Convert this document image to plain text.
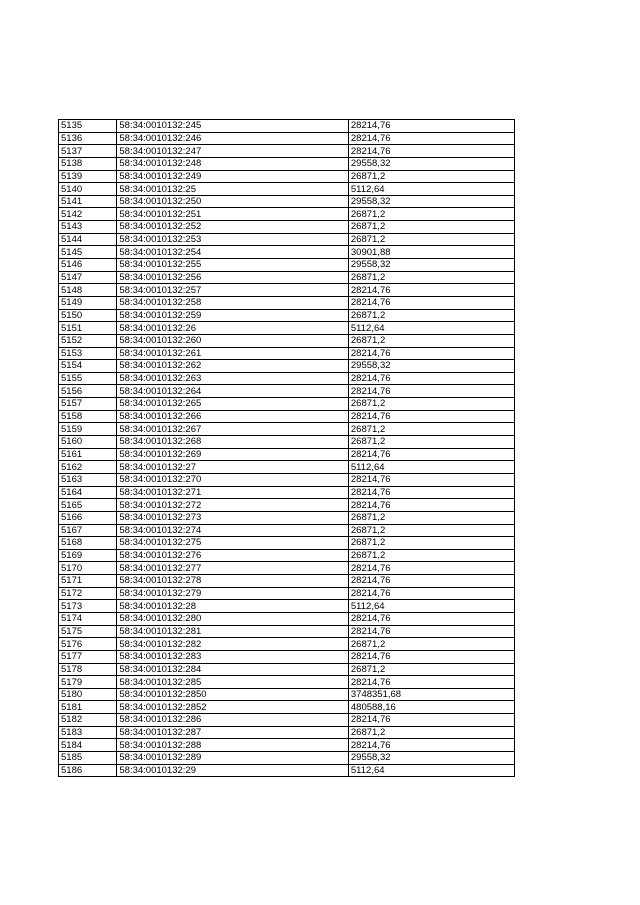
5135	58:34:0010132:245	28214,76
5136	58:34:0010132:246	28214,76
5137	58:34:0010132:247	28214,76
5138	58:34:0010132:248	29558,32
5139	58:34:0010132:249	26871,2
5140	58:34:0010132:25	5112,64
5141	58:34:0010132:250	29558,32
5142	58:34:0010132:251	26871,2
5143	58:34:0010132:252	26871,2
5144	58:34:0010132:253	26871,2
5145	58:34:0010132:254	30901,88
5146	58:34:0010132:255	29558,32
5147	58:34:0010132:256	26871,2
5148	58:34:0010132:257	28214,76
5149	58:34:0010132:258	28214,76
5150	58:34:0010132:259	26871,2
5151	58:34:0010132:26	5112,64
5152	58:34:0010132:260	26871,2
5153	58:34:0010132:261	28214,76
5154	58:34:0010132:262	29558,32
5155	58:34:0010132:263	28214,76
5156	58:34:0010132:264	28214,76
5157	58:34:0010132:265	26871,2
5158	58:34:0010132:266	28214,76
5159	58:34:0010132:267	26871,2
5160	58:34:0010132:268	26871,2
5161	58:34:0010132:269	28214,76
5162	58:34:0010132:27	5112,64
5163	58:34:0010132:270	28214,76
5164	58:34:0010132:271	28214,76
5165	58:34:0010132:272	28214,76
5166	58:34:0010132:273	26871,2
5167	58:34:0010132:274	26871,2
5168	58:34:0010132:275	26871,2
5169	58:34:0010132:276	26871,2
5170	58:34:0010132:277	28214,76
5171	58:34:0010132:278	28214,76
5172	58:34:0010132:279	28214,76
5173	58:34:0010132:28	5112,64
5174	58:34:0010132:280	28214,76
5175	58:34:0010132:281	28214,76
5176	58:34:0010132:282	26871,2
5177	58:34:0010132:283	28214,76
5178	58:34:0010132:284	26871,2
5179	58:34:0010132:285	28214,76
5180	58:34:0010132:2850	3748351,68
5181	58:34:0010132:2852	480588,16
5182	58:34:0010132:286	28214,76
5183	58:34:0010132:287	26871,2
5184	58:34:0010132:288	28214,76
5185	58:34:0010132:289	29558,32
5186	58:34:0010132:29	5112,64
